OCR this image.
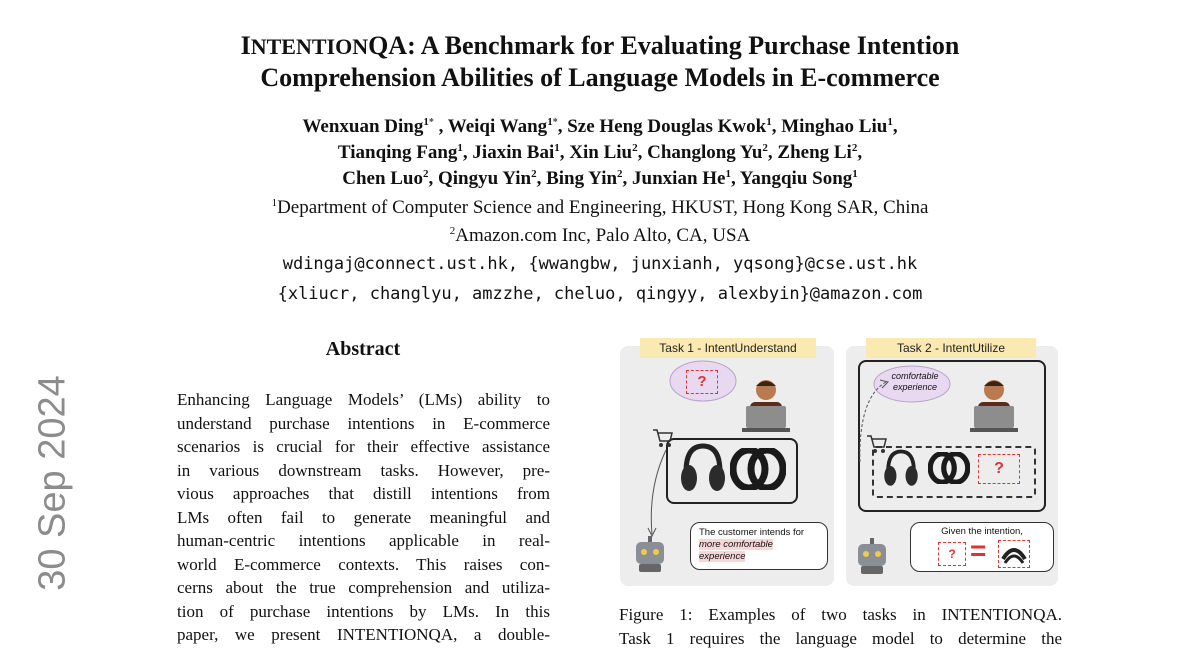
INTENTIONQA: A Benchmark for Evaluating Purchase Intention
Comprehension Abilities of Language Models in E-commerce
Wenxuan Ding$^{1*}$ , Weiqi Wang$^{1*}$, Sze Heng Douglas Kwok$^1$, Minghao Liu$^1$,
Tianqing Fang$^1$, Jiaxin Bai$^1$, Xin Liu$^2$, Changlong Yu$^2$, Zheng Li$^2$,
Chen Luo$^2$, Qingyu Yin$^2$, Bing Yin$^2$, Junxian He$^1$, Yangqiu Song$^1$
$^1$Department of Computer Science and Engineering, HKUST, Hong Kong SAR, China
$^2$Amazon.com Inc, Palo Alto, CA, USA
wdingaj@connect.ust.hk, {wwangbw, junxianh, yqsong}@cse.ust.hk
{xliucr, changlyu, amzzhe, cheluo, qingyy, alexbyin}@amazon.com
30 Sep 2024
Abstract
Enhancing Language Models’ (LMs) ability to
understand purchase intentions in E-commerce
scenarios is crucial for their effective assistance
in various downstream tasks. However, pre-
vious approaches that distill intentions from
LMs often fail to generate meaningful and
human-centric intentions applicable in real-
world E-commerce contexts. This raises con-
cerns about the true comprehension and utiliza-
tion of purchase intentions by LMs. In this
paper, we present INTENTIONQA, a double-
Task 1 - IntentUnderstand
?
The customer intends for more comfortable experience
Task 2 - IntentUtilize
comfortable experience
?
Given the intention,
? =
Figure 1: Examples of two tasks in INTENTIONQA.
Task 1 requires the language model to determine the
